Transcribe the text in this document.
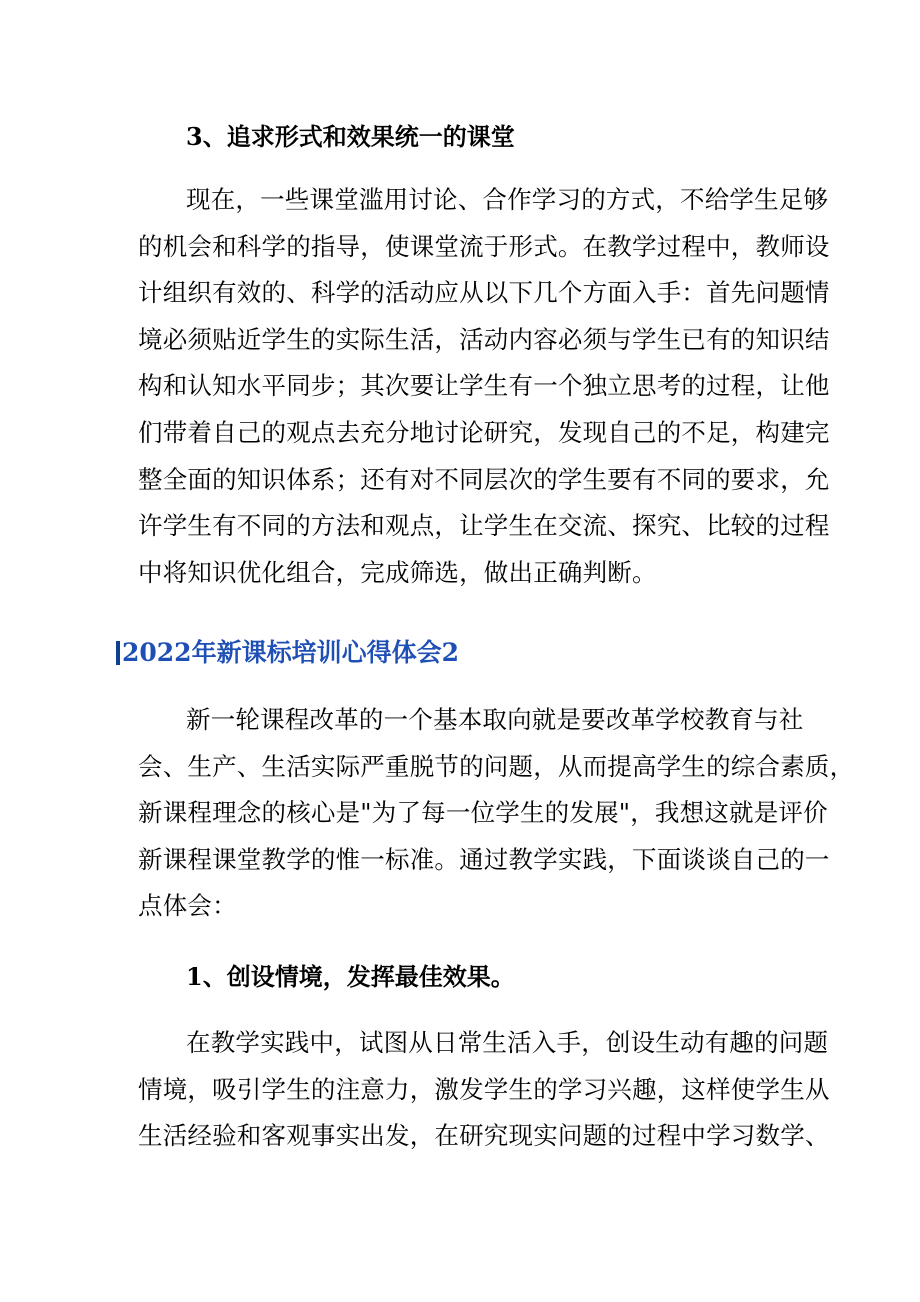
3、追求形式和效果统一的课堂
现在，一些课堂滥用讨论、合作学习的方式，不给学生足够
的机会和科学的指导，使课堂流于形式。在教学过程中，教师设
计组织有效的、科学的活动应从以下几个方面入手：首先问题情
境必须贴近学生的实际生活，活动内容必须与学生已有的知识结
构和认知水平同步；其次要让学生有一个独立思考的过程，让他
们带着自己的观点去充分地讨论研究，发现自己的不足，构建完
整全面的知识体系；还有对不同层次的学生要有不同的要求，允
许学生有不同的方法和观点，让学生在交流、探究、比较的过程
中将知识优化组合，完成筛选，做出正确判断。
2022年新课标培训心得体会2
新一轮课程改革的一个基本取向就是要改革学校教育与社
会、生产、生活实际严重脱节的问题，从而提高学生的综合素质，
新课程理念的核心是"为了每一位学生的发展"，我想这就是评价
新课程课堂教学的惟一标准。通过教学实践，下面谈谈自己的一
点体会：
1、创设情境，发挥最佳效果。
在教学实践中，试图从日常生活入手，创设生动有趣的问题
情境，吸引学生的注意力，激发学生的学习兴趣，这样使学生从
生活经验和客观事实出发，在研究现实问题的过程中学习数学、
